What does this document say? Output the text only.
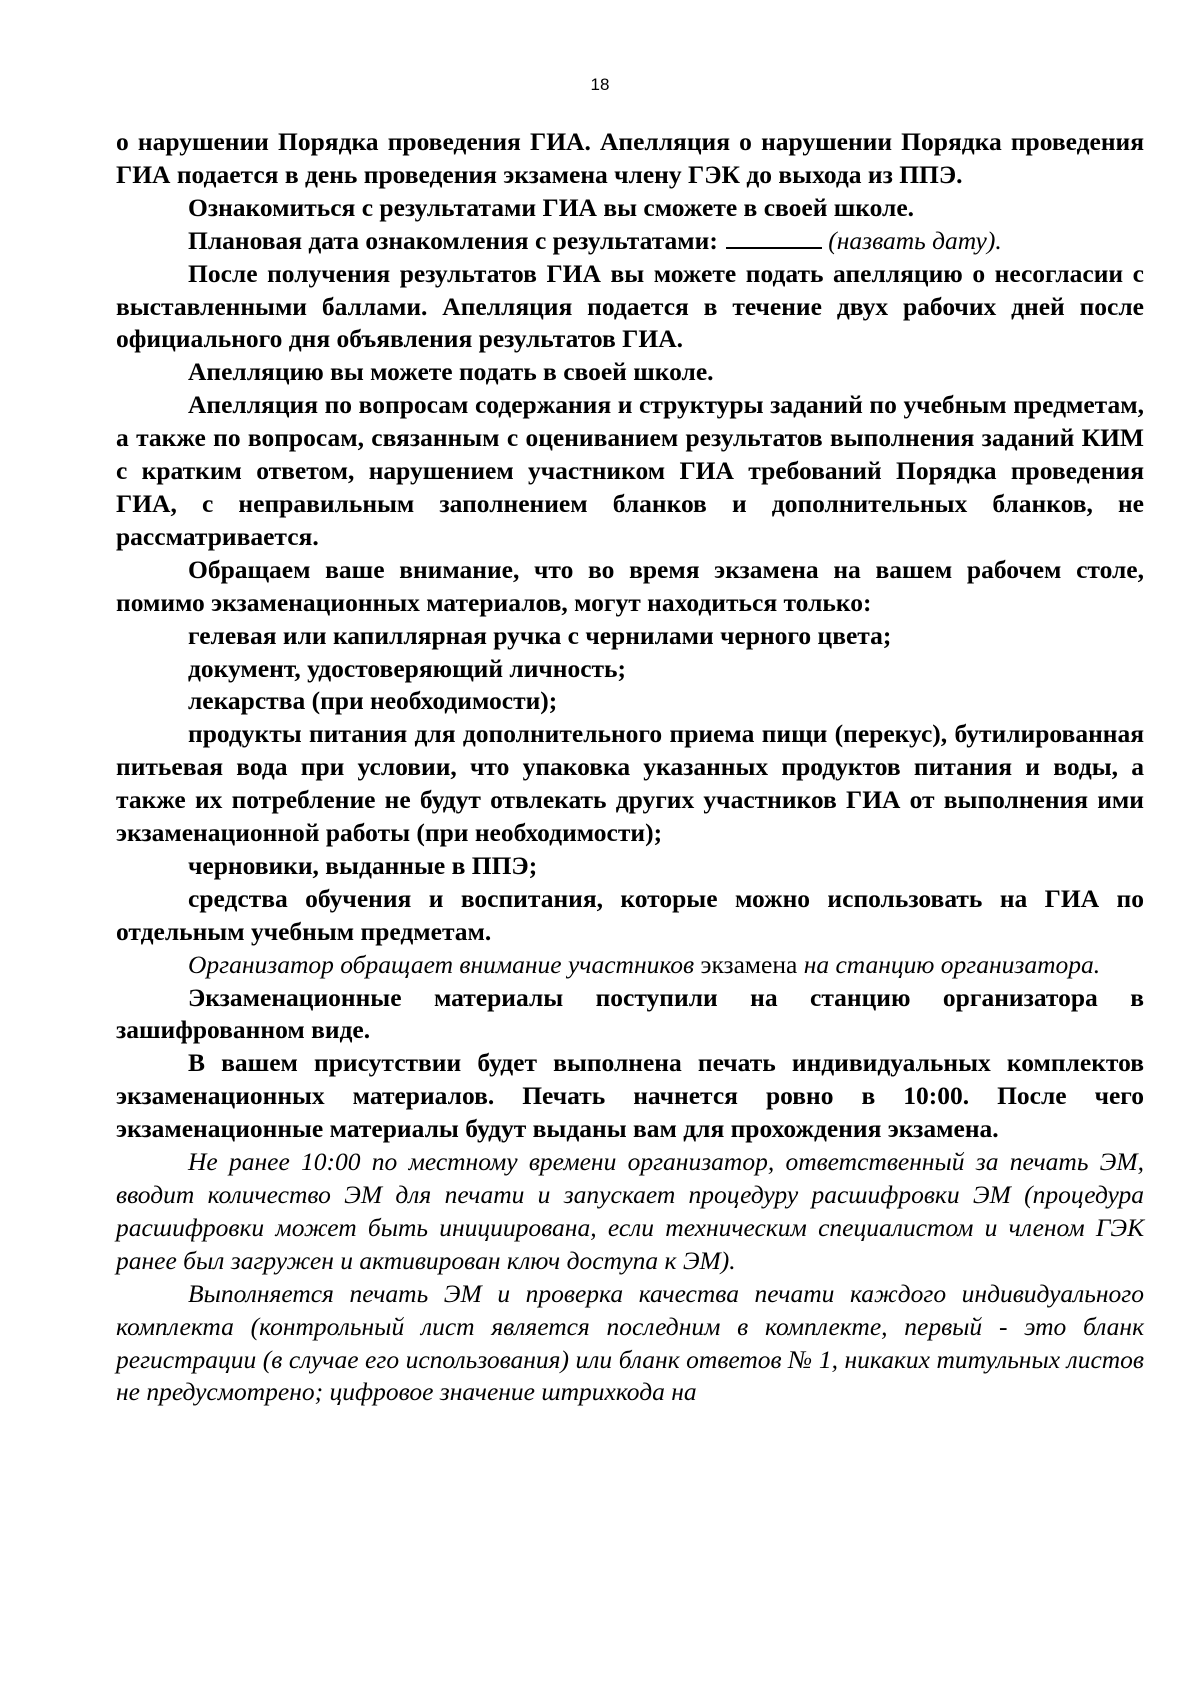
18

о нарушении Порядка проведения ГИА. Апелляция о нарушении Порядка проведения ГИА подается в день проведения экзамена члену ГЭК до выхода из ППЭ.

Ознакомиться с результатами ГИА вы сможете в своей школе.

Плановая дата ознакомления с результатами:	(назвать дату).

После получения результатов ГИА вы можете подать апелляцию о несогласии с выставленными баллами. Апелляция подается в течение двух рабочих дней после официального дня объявления результатов ГИА.

Апелляцию вы можете подать в своей школе.

Апелляция по вопросам содержания и структуры заданий по учебным предметам, а также по вопросам, связанным с оцениванием результатов выполнения заданий КИМ с кратким ответом, нарушением участником ГИА требований Порядка проведения ГИА, с неправильным заполнением бланков и дополнительных бланков, не рассматривается.

Обращаем ваше внимание, что во время экзамена на вашем рабочем столе, помимо экзаменационных материалов, могут находиться только:

гелевая или капиллярная ручка с чернилами черного цвета;

документ, удостоверяющий личность;

лекарства (при необходимости);

продукты питания для дополнительного приема пищи (перекус), бутилированная питьевая вода при условии, что упаковка указанных продуктов питания и воды, а также их потребление не будут отвлекать других участников ГИА от выполнения ими экзаменационной работы (при необходимости);

черновики, выданные в ППЭ;

средства обучения и воспитания, которые можно использовать на ГИА по отдельным учебным предметам.

Организатор обращает внимание участников экзамена на станцию организатора.

Экзаменационные материалы поступили на станцию организатора в зашифрованном виде.

В вашем присутствии будет выполнена печать индивидуальных комплектов экзаменационных материалов. Печать начнется ровно в 10:00. После чего экзаменационные материалы будут выданы вам для прохождения экзамена.

Не ранее 10:00 по местному времени организатор, ответственный за печать ЭМ, вводит количество ЭМ для печати и запускает процедуру расшифровки ЭМ (процедура расшифровки может быть инициирована, если техническим специалистом и членом ГЭК ранее был загружен и активирован ключ доступа к ЭМ).

Выполняется печать ЭМ и проверка качества печати каждого индивидуального комплекта (контрольный лист является последним в комплекте, первый - это бланк регистрации (в случае его использования) или бланк ответов № 1, никаких титульных листов не предусмотрено; цифровое значение штрихкода на
